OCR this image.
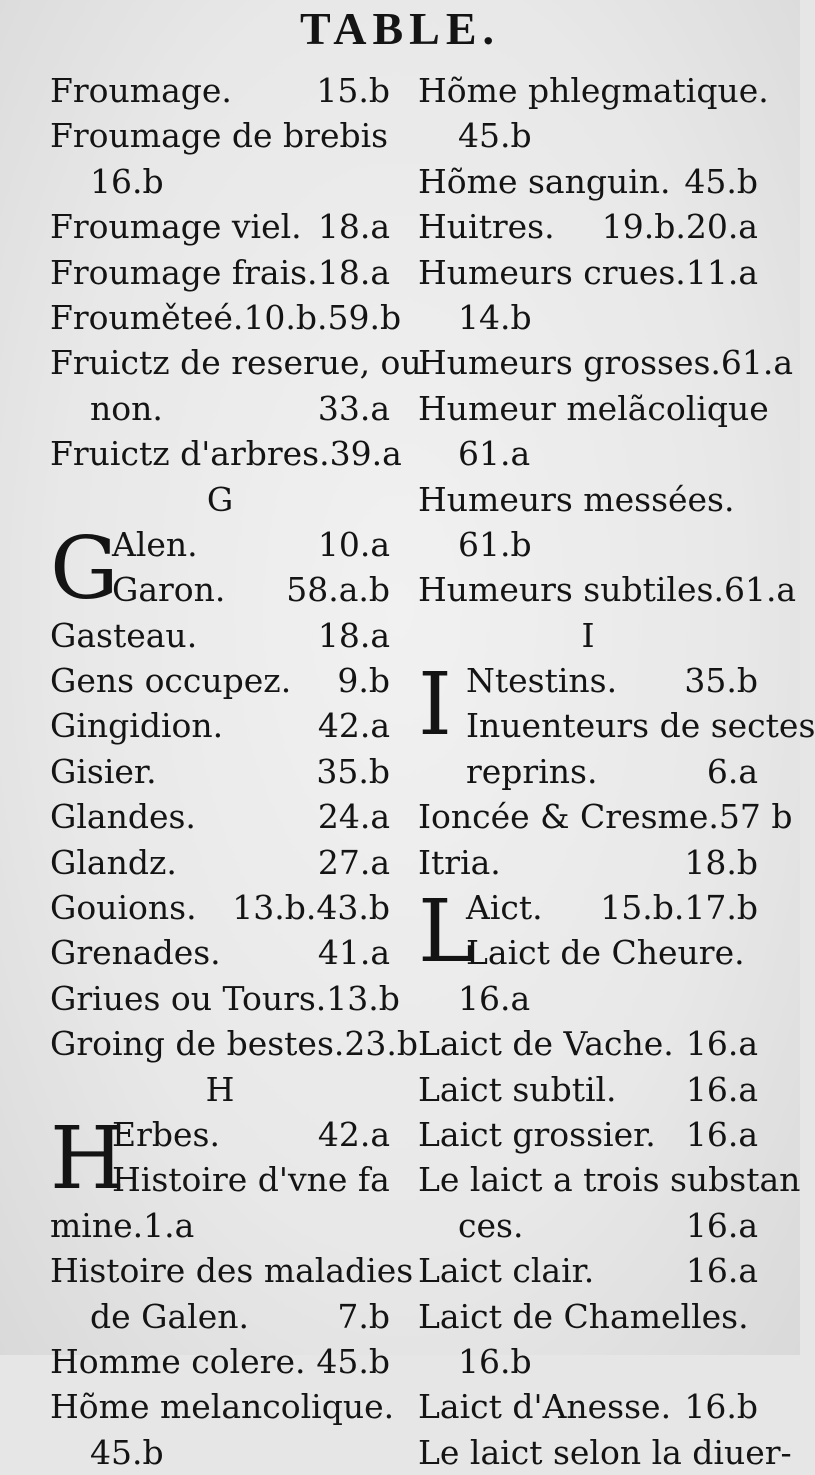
TABLE.
Froumage.	15.b
Froumage de brebis
16.b
Froumage viel. 18.a
Froumage frais. 18.a
Frouměteé. 10.b.59.b
Fruictz de reserue, ou
non.	33.a
Fruictz d'arbres. 39.a
G
G
Alen.	10.a
Garon. 58.a.b
Gasteau.	18.a
Gens occupez. 9.b
Gingidion.	42.a
Gisier.	35.b
Glandes.	24.a
Glandz.	27.a
Gouions. 13.b.43.b
Grenades.	41.a
Griues ou Tours. 13.b
Groing de bestes. 23.b
H
H
Erbes.	42.a
Histoire d'vne fa
mine.1.a
Histoire des maladies
de Galen.	7.b
Homme colere. 45.b
Hõme melancolique.
45.b
Hõme phlegmatique.
45.b
Hõme sanguin. 45.b
Huitres. 19.b.20.a
Humeurs crues. 11.a
14.b
Humeurs grosses. 61.a
Humeur melãcolique
61.a
Humeurs messées.
61.b
Humeurs subtiles. 61.a
I
I Ntestins. 35.b
Inuenteurs de sectes
reprins.	6.a
Ioncée & Cresme. 57 b
Itria.	18.b
L
Aict. 15.b.17.b
Laict de Cheure.
16.a
Laict de Vache. 16.a
Laict subtil. 16.a
Laict grossier. 16.a
Le laict a trois substan
ces.	16.a
Laict clair.	16.a
Laict de Chamelles.
16.b
Laict d'Anesse. 16.b
Le laict selon la diuer-
